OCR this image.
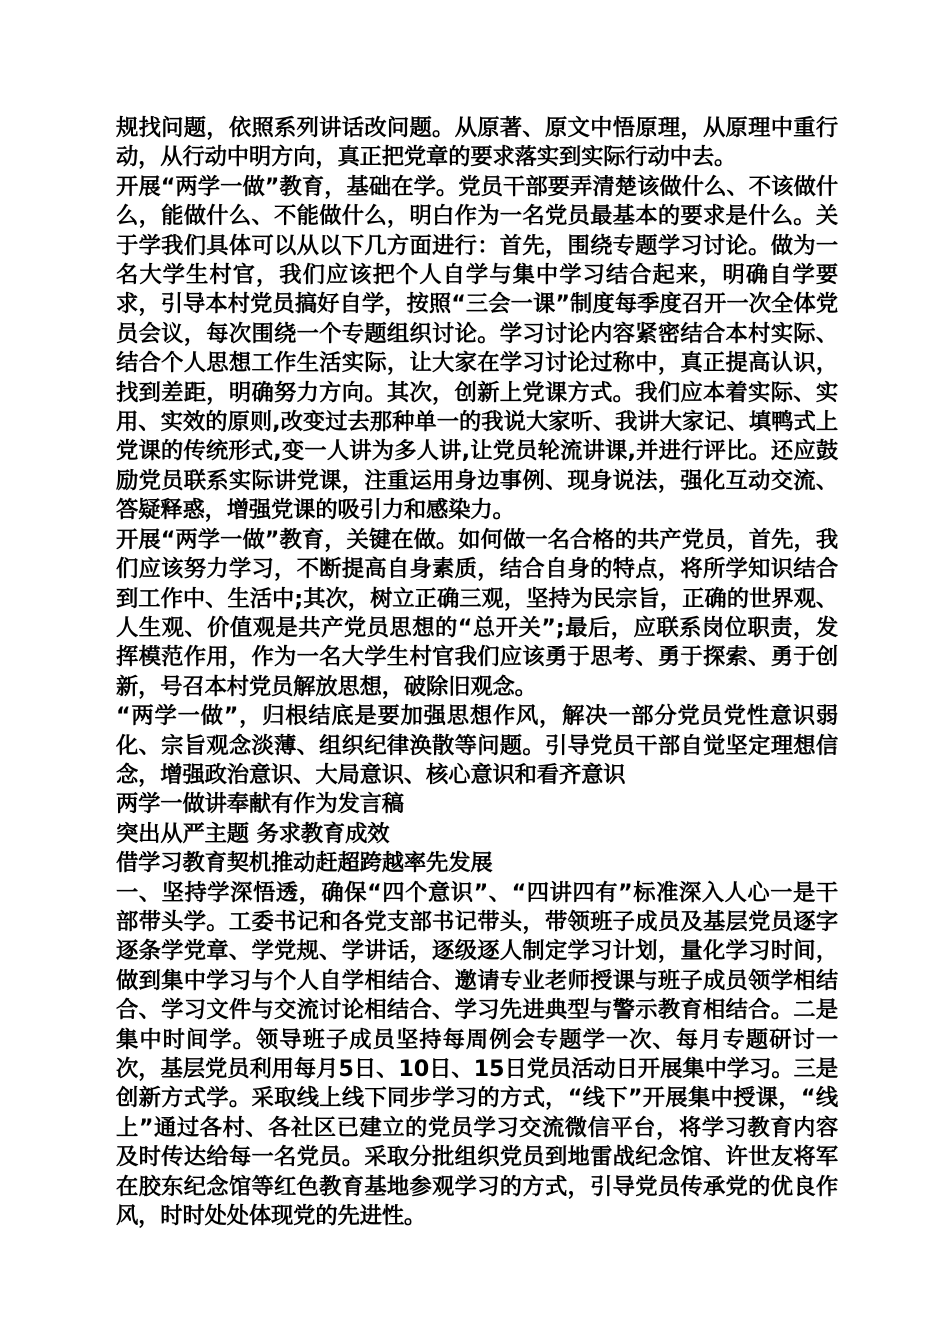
规找问题，依照系列讲话改问题。从原著、原文中悟原理，从原理中重行动，从行动中明方向，真正把党章的要求落实到实际行动中去。

开展“两学一做”教育，基础在学。党员干部要弄清楚该做什么、不该做什么，能做什么、不能做什么，明白作为一名党员最基本的要求是什么。关于学我们具体可以从以下几方面进行：首先，围绕专题学习讨论。做为一名大学生村官，我们应该把个人自学与集中学习结合起来，明确自学要求，引导本村党员搞好自学，按照“三会一课”制度每季度召开一次全体党员会议，每次围绕一个专题组织讨论。学习讨论内容紧密结合本村实际、结合个人思想工作生活实际，让大家在学习讨论过称中，真正提高认识，找到差距，明确努力方向。其次，创新上党课方式。我们应本着实际、实用、实效的原则,改变过去那种单一的我说大家听、我讲大家记、填鸭式上党课的传统形式,变一人讲为多人讲,让党员轮流讲课,并进行评比。还应鼓励党员联系实际讲党课，注重运用身边事例、现身说法，强化互动交流、答疑释惑，增强党课的吸引力和感染力。

开展“两学一做”教育，关键在做。如何做一名合格的共产党员，首先，我们应该努力学习，不断提高自身素质，结合自身的特点，将所学知识结合到工作中、生活中;其次，树立正确三观，坚持为民宗旨，正确的世界观、人生观、价值观是共产党员思想的“总开关”;最后，应联系岗位职责，发挥模范作用，作为一名大学生村官我们应该勇于思考、勇于探索、勇于创新，号召本村党员解放思想，破除旧观念。

“两学一做”，归根结底是要加强思想作风，解决一部分党员党性意识弱化、宗旨观念淡薄、组织纪律涣散等问题。引导党员干部自觉坚定理想信念，增强政治意识、大局意识、核心意识和看齐意识

两学一做讲奉献有作为发言稿

突出从严主题 务求教育成效

借学习教育契机推动赶超跨越率先发展

一、坚持学深悟透，确保“四个意识”、“四讲四有”标准深入人心一是干部带头学。工委书记和各党支部书记带头，带领班子成员及基层党员逐字逐条学党章、学党规、学讲话，逐级逐人制定学习计划，量化学习时间，做到集中学习与个人自学相结合、邀请专业老师授课与班子成员领学相结合、学习文件与交流讨论相结合、学习先进典型与警示教育相结合。二是集中时间学。领导班子成员坚持每周例会专题学一次、每月专题研讨一次，基层党员利用每月5日、10日、15日党员活动日开展集中学习。三是创新方式学。采取线上线下同步学习的方式，“线下”开展集中授课，“线上”通过各村、各社区已建立的党员学习交流微信平台，将学习教育内容及时传达给每一名党员。采取分批组织党员到地雷战纪念馆、许世友将军在胶东纪念馆等红色教育基地参观学习的方式，引导党员传承党的优良作风，时时处处体现党的先进性。
